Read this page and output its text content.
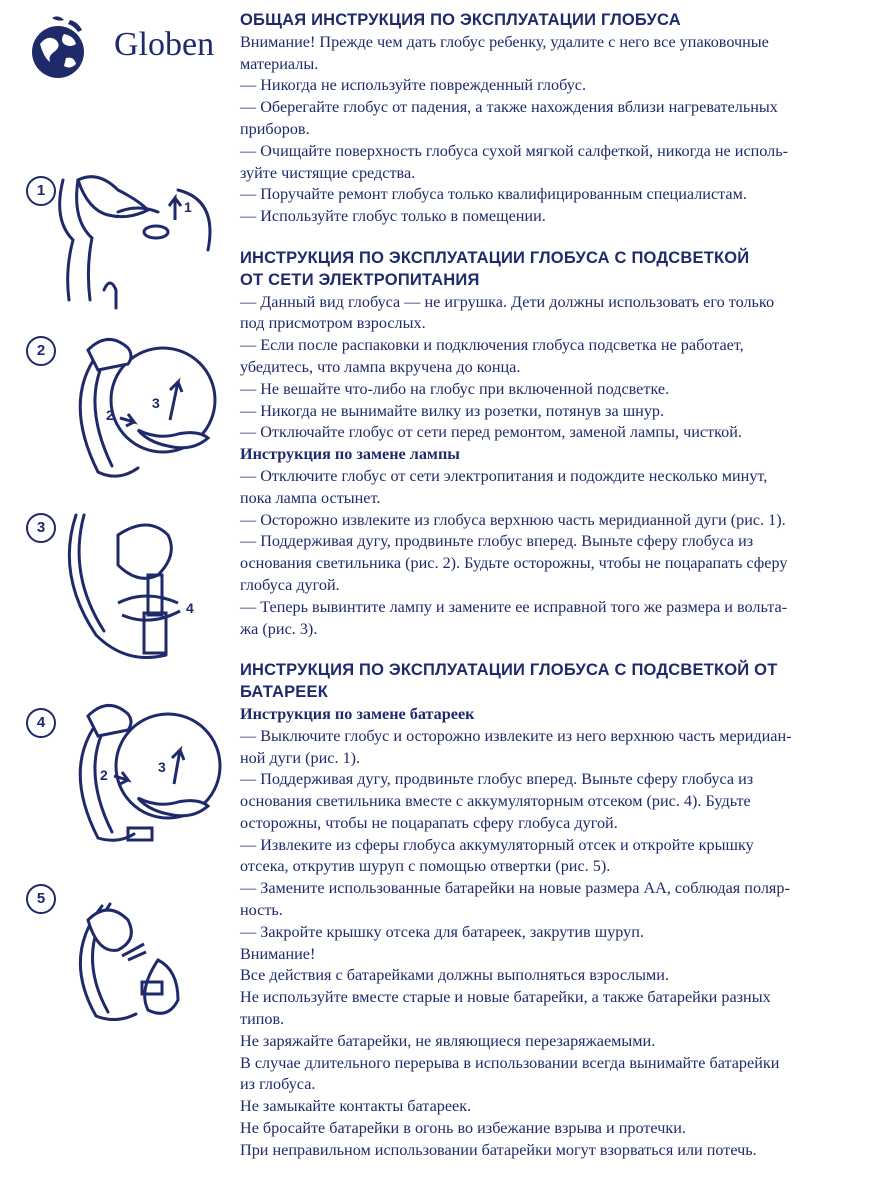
Globen
1
1
2
2
3
3
4
4
2	3
5

ОБЩАЯ ИНСТРУКЦИЯ ПО ЭКСПЛУАТАЦИИ ГЛОБУСА

Внимание! Прежде чем дать глобус ребенку, удалите с него все упаковочные

материалы.

— Никогда не используйте поврежденный глобус.

— Оберегайте глобус от падения, а также нахождения вблизи нагревательных

приборов.

— Очищайте поверхность глобуса сухой мягкой салфеткой, никогда не исполь-

зуйте чистящие средства.

— Поручайте ремонт глобуса только квалифицированным специалистам.

— Используйте глобус только в помещении.

ИНСТРУКЦИЯ ПО ЭКСПЛУАТАЦИИ ГЛОБУСА С ПОДСВЕТКОЙ

ОТ СЕТИ ЭЛЕКТРОПИТАНИЯ

— Данный вид глобуса — не игрушка. Дети должны использовать его только

под присмотром взрослых.

— Если после распаковки и подключения глобуса подсветка не работает,

убедитесь, что лампа вкручена до конца.

— Не вешайте что-либо на глобус при включенной подсветке.

— Никогда не вынимайте вилку из розетки, потянув за шнур.

— Отключайте глобус от сети перед ремонтом, заменой лампы, чисткой.

Инструкция по замене лампы

— Отключите глобус от сети электропитания и подождите несколько минут,

пока лампа остынет.

— Осторожно извлеките из глобуса верхнюю часть меридианной дуги (рис. 1).

— Поддерживая дугу, продвиньте глобус вперед. Выньте сферу глобуса из

основания светильника (рис. 2). Будьте осторожны, чтобы не поцарапать сферу

глобуса дугой.

— Теперь вывинтите лампу и замените ее исправной того же размера и вольта-

жа (рис. 3).

ИНСТРУКЦИЯ ПО ЭКСПЛУАТАЦИИ ГЛОБУСА С ПОДСВЕТКОЙ ОТ

БАТАРЕЕК

Инструкция по замене батареек

— Выключите глобус и осторожно извлеките из него верхнюю часть меридиан-

ной дуги (рис. 1).

— Поддерживая дугу, продвиньте глобус вперед. Выньте сферу глобуса из

основания светильника вместе с аккумуляторным отсеком (рис. 4). Будьте

осторожны, чтобы не поцарапать сферу глобуса дугой.

— Извлеките из сферы глобуса аккумуляторный отсек и откройте крышку

отсека, открутив шуруп с помощью отвертки (рис. 5).

— Замените использованные батарейки на новые размера АА, соблюдая поляр-

ность.

— Закройте крышку отсека для батареек, закрутив шуруп.

Внимание!

Все действия с батарейками должны выполняться взрослыми.

Не используйте вместе старые и новые батарейки, а также батарейки разных

типов.

Не заряжайте батарейки, не являющиеся перезаряжаемыми.

В случае длительного перерыва в использовании всегда вынимайте батарейки

из глобуса.

Не замыкайте контакты батареек.

Не бросайте батарейки в огонь во избежание взрыва и протечки.

При неправильном использовании батарейки могут взорваться или потечь.
